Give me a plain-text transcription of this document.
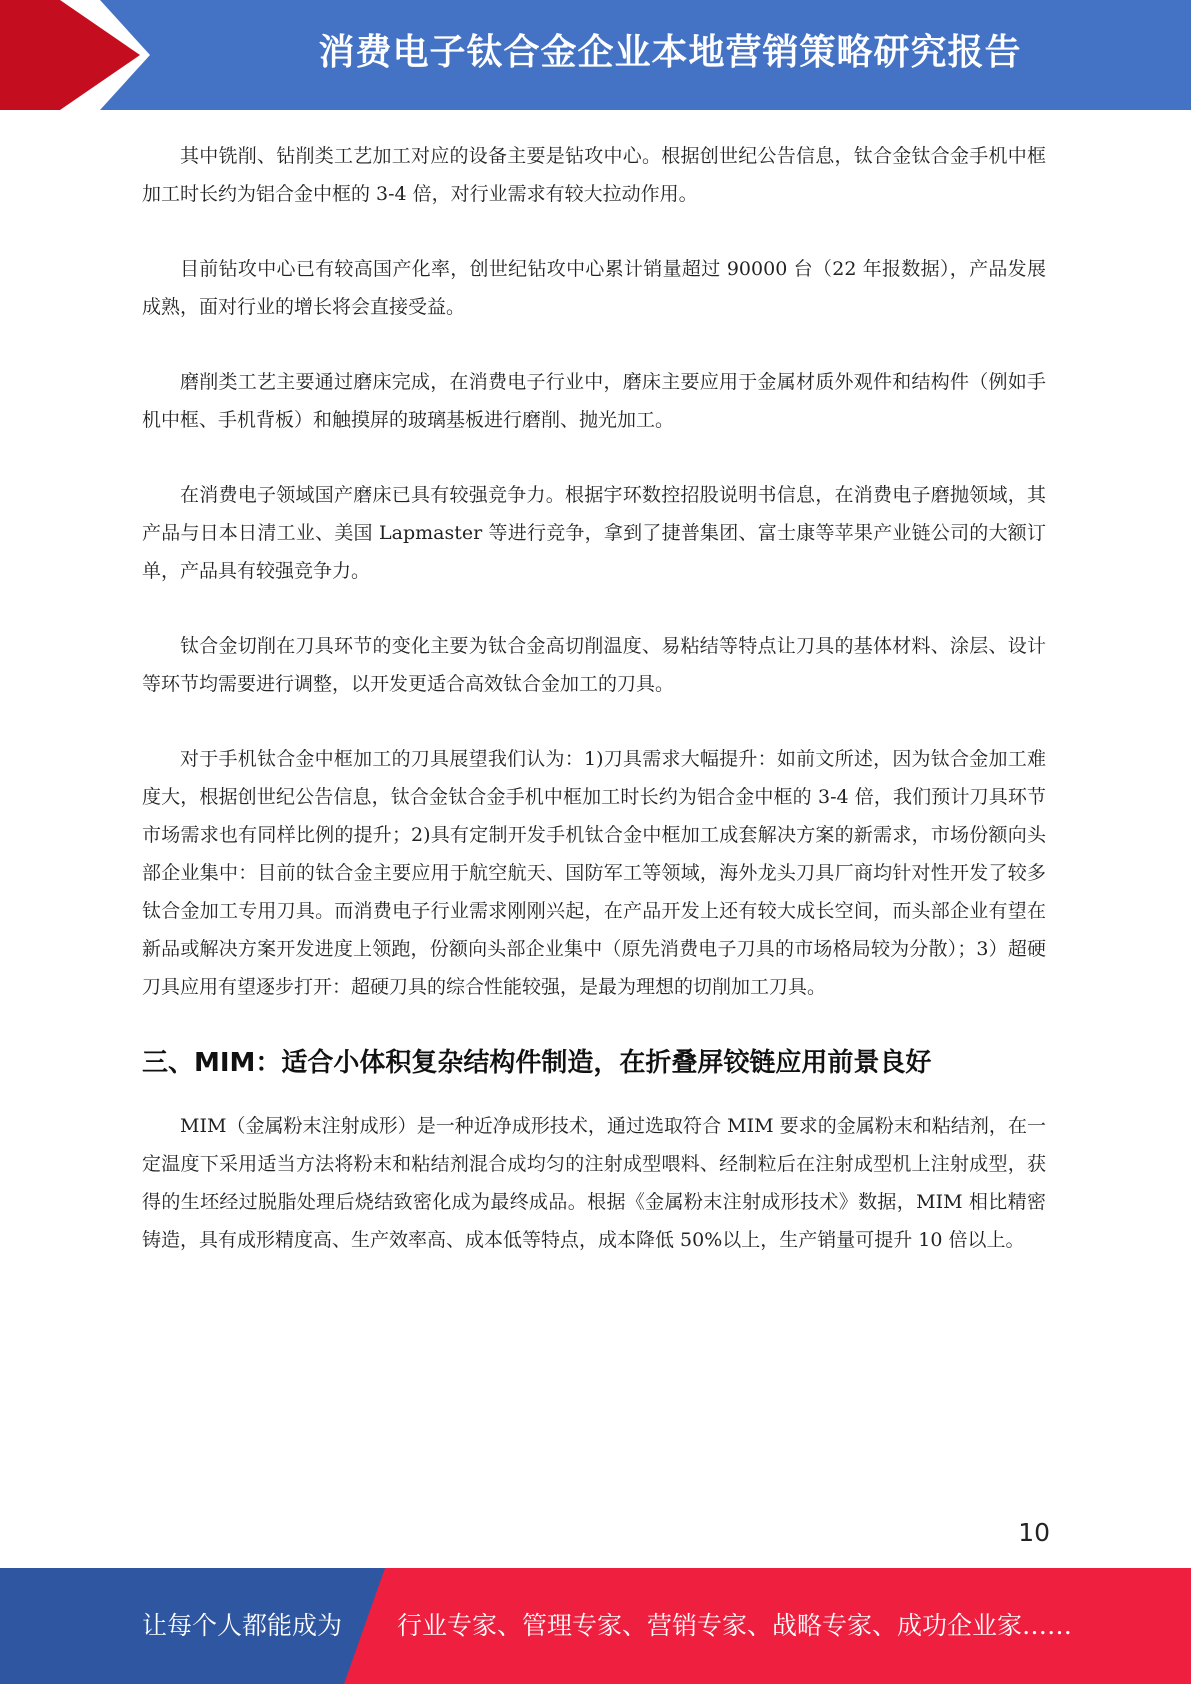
消费电子钛合金企业本地营销策略研究报告

其中铣削、钻削类工艺加工对应的设备主要是钻攻中心。根据创世纪公告信息，钛合金钛合金手机中框加工时长约为铝合金中框的 3-4 倍，对行业需求有较大拉动作用。

目前钻攻中心已有较高国产化率，创世纪钻攻中心累计销量超过 90000 台（22 年报数据），产品发展成熟，面对行业的增长将会直接受益。

磨削类工艺主要通过磨床完成，在消费电子行业中，磨床主要应用于金属材质外观件和结构件（例如手机中框、手机背板）和触摸屏的玻璃基板进行磨削、抛光加工。

在消费电子领域国产磨床已具有较强竞争力。根据宇环数控招股说明书信息，在消费电子磨抛领域，其产品与日本日清工业、美国 Lapmaster 等进行竞争，拿到了捷普集团、富士康等苹果产业链公司的大额订单，产品具有较强竞争力。

钛合金切削在刀具环节的变化主要为钛合金高切削温度、易粘结等特点让刀具的基体材料、涂层、设计等环节均需要进行调整，以开发更适合高效钛合金加工的刀具。

对于手机钛合金中框加工的刀具展望我们认为：1)刀具需求大幅提升：如前文所述，因为钛合金加工难度大，根据创世纪公告信息，钛合金钛合金手机中框加工时长约为铝合金中框的 3-4 倍，我们预计刀具环节市场需求也有同样比例的提升；2)具有定制开发手机钛合金中框加工成套解决方案的新需求，市场份额向头部企业集中：目前的钛合金主要应用于航空航天、国防军工等领域，海外龙头刀具厂商均针对性开发了较多钛合金加工专用刀具。而消费电子行业需求刚刚兴起，在产品开发上还有较大成长空间，而头部企业有望在新品或解决方案开发进度上领跑，份额向头部企业集中（原先消费电子刀具的市场格局较为分散）；3）超硬刀具应用有望逐步打开：超硬刀具的综合性能较强，是最为理想的切削加工刀具。

三、MIM：适合小体积复杂结构件制造，在折叠屏铰链应用前景良好

MIM（金属粉末注射成形）是一种近净成形技术，通过选取符合 MIM 要求的金属粉末和粘结剂，在一定温度下采用适当方法将粉末和粘结剂混合成均匀的注射成型喂料、经制粒后在注射成型机上注射成型，获得的生坯经过脱脂处理后烧结致密化成为最终成品。根据《金属粉末注射成形技术》数据，MIM 相比精密铸造，具有成形精度高、生产效率高、成本低等特点，成本降低 50%以上，生产销量可提升 10 倍以上。

10
让每个人都能成为 行业专家、管理专家、营销专家、战略专家、成功企业家……
